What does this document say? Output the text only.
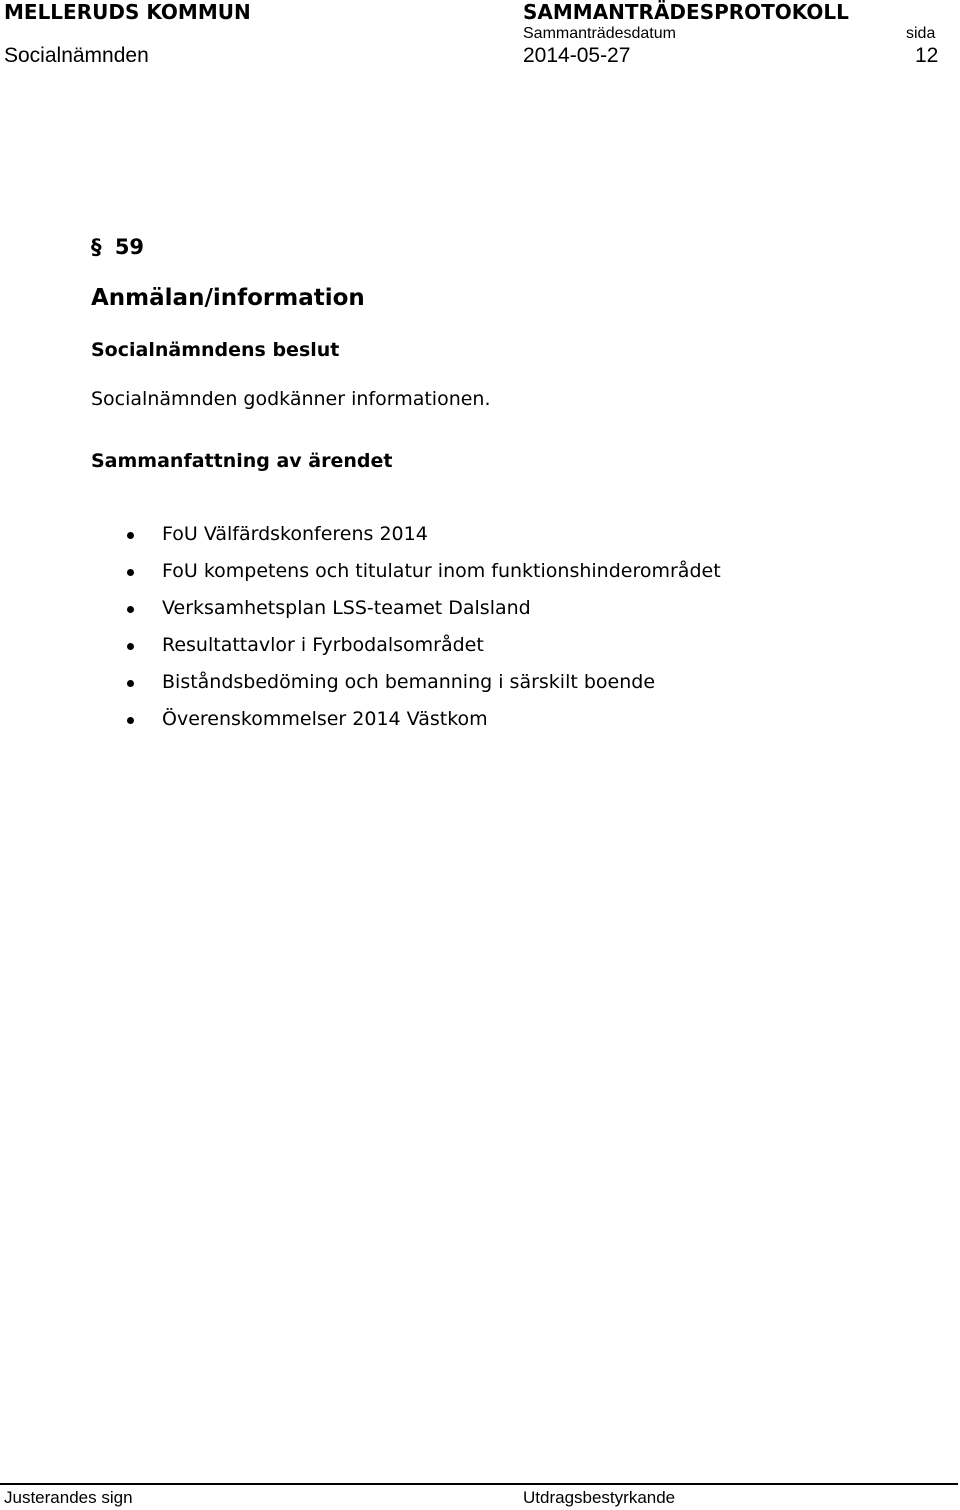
MELLERUDS KOMMUN	SAMMANTRÄDESPROTOKOLL
Sammanträdesdatum	sida
Socialnämnden	2014-05-27	12
§ 59
Anmälan/information
Socialnämndens beslut
Socialnämnden godkänner informationen.
Sammanfattning av ärendet
FoU Välfärdskonferens 2014
FoU kompetens och titulatur inom funktionshinderområdet
Verksamhetsplan LSS-teamet Dalsland
Resultattavlor i Fyrbodalsområdet
Biståndsbedöming och bemanning i särskilt boende
Överenskommelser 2014 Västkom
Justerandes sign	Utdragsbestyrkande
